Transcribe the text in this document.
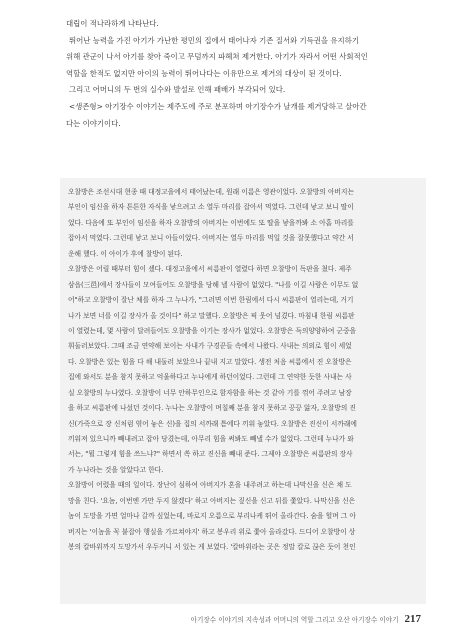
대립이 적나라하게 나타난다.

뛰어난 능력을 가진 아기가 가난한 평민의 집에서 태어나자 기존 질서와 기득권을 유지하기
위해 관군이 나서 아기를 찾아 죽이고 무덤까지 파헤쳐 제거한다. 아기가 자라서 어떤 사회적인
역할을 한적도 없지만 아이의 능력이 뛰어나다는 이유만으로 제거의 대상이 된 것이다.

그리고 어머니의 두 번의 실수와 발설로 인해 패배가 부각되어 있다.

<생존형> 아기장수 이야기는 제주도에 주로 분포하며 아기장수가 날개를 제거당하고 살아간
다는 이야기이다.

오찰방은 조선시대 현종 때 대정고을에서 태어났는데, 원래 이름은 영관이었다. 오찰방의 아버지는
부인이 임신을 하자 튼튼한 자식을 낳으려고 소 열두 마리를 잡아서 먹였다. 그런데 낳고 보니 딸이
었다. 다음에 또 부인이 임신을 하자 오찰방의 아버지는 이번에도 또 딸을 낳을까봐 소 아홉 마리를
잡아서 먹였다. 그런데 낳고 보니 아들이었다. 아버지는 열두 마리를 먹일 것을 잘못했다고 약간 서
운해 했다. 이 아이가 후에 찰방이 된다.
오찰방은 어릴 때부터 힘이 셌다. 대정고을에서 씨름판이 열렸다 하면 오찰방이 독판을 쳤다. 제주
삼읍(三邑)에서 장사들이 모여들어도 오찰방을 당해 낼 사람이 없었다. "나를 이길 사람은 이무도 없
어"하고 오찰방이 잘난 체를 하자 그 누나가, "그러면 이번 한림에서 다시 씨름판이 열리는데, 거기
나가 보면 너를 이길 장사가 올 것이다" 하고 말했다. 오찰방은 픽 웃어 넘겼다. 마침내 한림 씨름판
이 열렸는데, 몇 사람이 달려들어도 오찰방을 이기는 장사가 없었다. 오찰방은 득의양양하여 군중을
휘둘러보았다. 그때 조금 연약해 보이는 사내가 구경꾼들 속에서 나왔다. 사내는 의외로 힘이 세었
다. 오찰방은 있는 힘을 다 해 내둘러 보았으나 끝내 지고 말았다. 생전 처음 씨름에서 진 오찰방은
집에 와서도 분을 참지 못하고 억울하다고 누나에게 하던이었다. 그런데 그 연약한 듯한 사내는 사
실 오찰방의 누나였다. 오찰방이 너무 안하무인으로 함자함을 하는 것 같아 기를 꺾어 주려고 남장
을 하고 씨름판에 나섰던 것이다. 누나는 오찰방이 며칠째 분을 참지 못하고 끙끙 앓자, 오찰방의 진
신(가죽으로 장 신처럼 엮어 놓은 신)을 집의 서까래 틈에다 끼워 놓았다. 오찰방은 진신이 서까래에
끼워져 있으니까 빼내려고 잡아 당겼는데, 아무리 힘을 써봐도 빼낼 수가 없었다. 그런데 누나가 와
서는, "뭘 그렇게 힘을 쓰느냐?" 하면서 쏙 하고 진신을 빼내 준다. 그제야 오찰방은 씨름판의 장사
가 누나라는 것을 알았다고 한다.
오찰방이 어렸을 때의 일이다. 장난이 심하여 아버지가 혼을 내주려고 하는데 나막신을 신은 채 도
망을 친다. '요놈, 이번엔 가만 두지 않겠다' 하고 아버지는 짚신을 신고 뒤를 쫓았다. 나막신을 신은
놈이 도망을 가면 얼마나 갈까 싶었는데, 바로지 오름으로 부리나케 뛰어 올라간다. 숨을 헐며 그 아
버지는 '이놈을 꼭 붙잡아 행실을 가르쳐야지' 하고 봉우리 위로 쫓아 올라갔다. 드디어 오찰방이 상
봉의 칼바위까지 도망가서 우두커니 서 있는 게 보였다. '칼바위라는 곳은 정말 칼로 끊은 듯이 천인
아기장수 이야기의 지속성과 어머니의 역할 그리고 오산 아기장수 이야기 217
